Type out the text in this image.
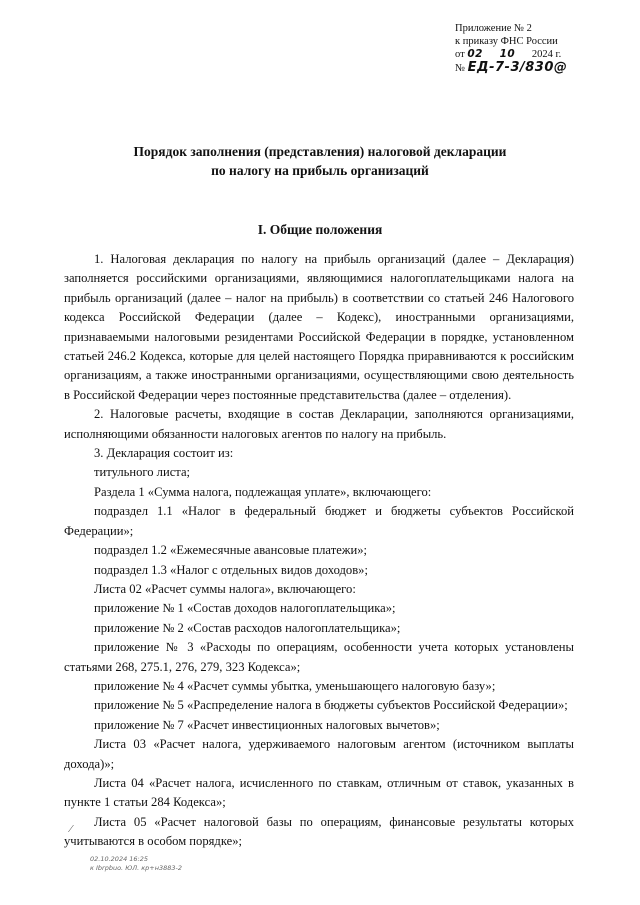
Приложение № 2
к приказу ФНС России
от 02 10 2024 г.
№ ЕД-7-3/830@
Порядок заполнения (представления) налоговой декларации
по налогу на прибыль организаций
I. Общие положения

1. Налоговая декларация по налогу на прибыль организаций (далее – Декларация) заполняется российскими организациями, являющимися налогоплательщиками налога на прибыль организаций (далее – налог на прибыль) в соответствии со статьей 246 Налогового кодекса Российской Федерации (далее – Кодекс), иностранными организациями, признаваемыми налоговыми резидентами Российской Федерации в порядке, установленном статьей 246.2 Кодекса, которые для целей настоящего Порядка приравниваются к российским организациям, а также иностранными организациями, осуществляющими свою деятельность в Российской Федерации через постоянные представительства (далее – отделения).

2. Налоговые расчеты, входящие в состав Декларации, заполняются организациями, исполняющими обязанности налоговых агентов по налогу на прибыль.

3. Декларация состоит из:

титульного листа;

Раздела 1 «Сумма налога, подлежащая уплате», включающего:

подраздел 1.1 «Налог в федеральный бюджет и бюджеты субъектов Российской Федерации»;

подраздел 1.2 «Ежемесячные авансовые платежи»;

подраздел 1.3 «Налог с отдельных видов доходов»;

Листа 02 «Расчет суммы налога», включающего:

приложение № 1 «Состав доходов налогоплательщика»;

приложение № 2 «Состав расходов налогоплательщика»;

приложение № 3 «Расходы по операциям, особенности учета которых установлены статьями 268, 275.1, 276, 279, 323 Кодекса»;

приложение № 4 «Расчет суммы убытка, уменьшающего налоговую базу»;

приложение № 5 «Распределение налога в бюджеты субъектов Российской Федерации»;

приложение № 7 «Расчет инвестиционных налоговых вычетов»;

Листа 03 «Расчет налога, удерживаемого налоговым агентом (источником выплаты дохода)»;

Листа 04 «Расчет налога, исчисленного по ставкам, отличным от ставок, указанных в пункте 1 статьи 284 Кодекса»;

Листа 05 «Расчет налоговой базы по операциям, финансовые результаты которых учитываются в особом порядке»;

⁄
02.10.2024 16:25
к Ibrpbuo. ЮЛ. кр+н3883-2
